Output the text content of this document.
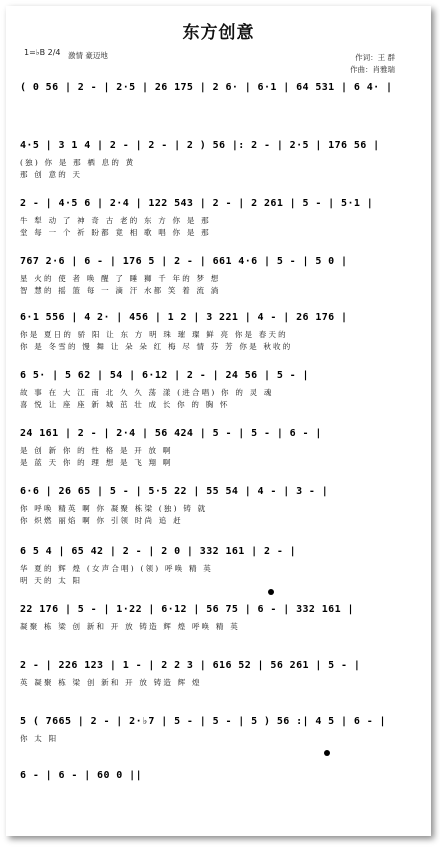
东方创意
1=♭B 2/4 激情 豪迈地	作词：王 群
作曲：肖雅瑞
( 0 56 | 2 - | 2·5 | 26 175 | 2 6· | 6·1 | 64 531 | 6 4· |
4·5 | 3 1 4 | 2 - | 2 - | 2 ) 56 |: 2 - | 2·5 | 176 56 |
(独) 你 是 那 栖 息的 黄
那 创 意的 天
2 - | 4·5 6 | 2·4 | 122 543 | 2 - | 2 261 | 5 - | 5·1 |
牛 犁 动 了 神 奇 古 老的 东 方 你 是 那
堂 每 一 个 祈 盼都 竟 相 歌 唱 你 是 那
767 2·6 | 6 - | 176 5 | 2 - | 661 4·6 | 5 - | 5 0 |
星 火的 使 者 唤 醒 了 睡 狮 千 年的 梦 想
智 慧的 摇 篮 每 一 滴 汗 水都 笑 着 流 淌
6·1 556 | 4 2· | 456 | 1 2 | 3 221 | 4 - | 26 176 |
你是 夏日的 骄 阳 让 东 方 明 珠 璀 璨 鲜 亮 你是 春天的
你 是 冬雪的 馒 舞 让 朵 朵 红 梅 尽 情 芬 芳 你是 秋收的
6 5· | 5 62 | 54 | 6·12 | 2 - | 24 56 | 5 - |
故 事 在 大 江 南 北 久 久 荡 漾 (进合唱) 你 的 灵 魂
喜 悦 让 座 座 新 城 茁 壮 成 长 你 的 胸 怀
24 161 | 2 - | 2·4 | 56 424 | 5 - | 5 - | 6 - |
是 创 新 你 的 性 格 是 开 放 啊
是 蓝 天 你 的 理 想 是 飞 翔 啊
6·6 | 26 65 | 5 - | 5·5 22 | 55 54 | 4 - | 3 - |
你 呼唤 精英 啊 你 凝聚 栋梁 (独) 铸 就
你 炽燃 丽焰 啊 你 引领 时尚 追 赶
6 5 4 | 65 42 | 2 - | 2 0 | 332 161 | 2 - |
华 夏的 辉 煌 (女声合唱) (领) 呼唤 精 英
明 天的 太 阳
22 176 | 5 - | 1·22 | 6·12 | 56 75 | 6 - | 332 161 |
凝聚 栋 梁 创 新和 开 放 铸造 辉 煌 呼唤 精 英
2 - | 226 123 | 1 - | 2 2 3 | 616 52 | 56 261 | 5 - |
英 凝聚 栋 梁 创 新和 开 放 铸造 辉 煌
5 ( 7665 | 2 - | 2·♭7 | 5 - | 5 - | 5 ) 56 :| 4 5 | 6 - |
你 太 阳
6 - | 6 - | 60 0 ||
